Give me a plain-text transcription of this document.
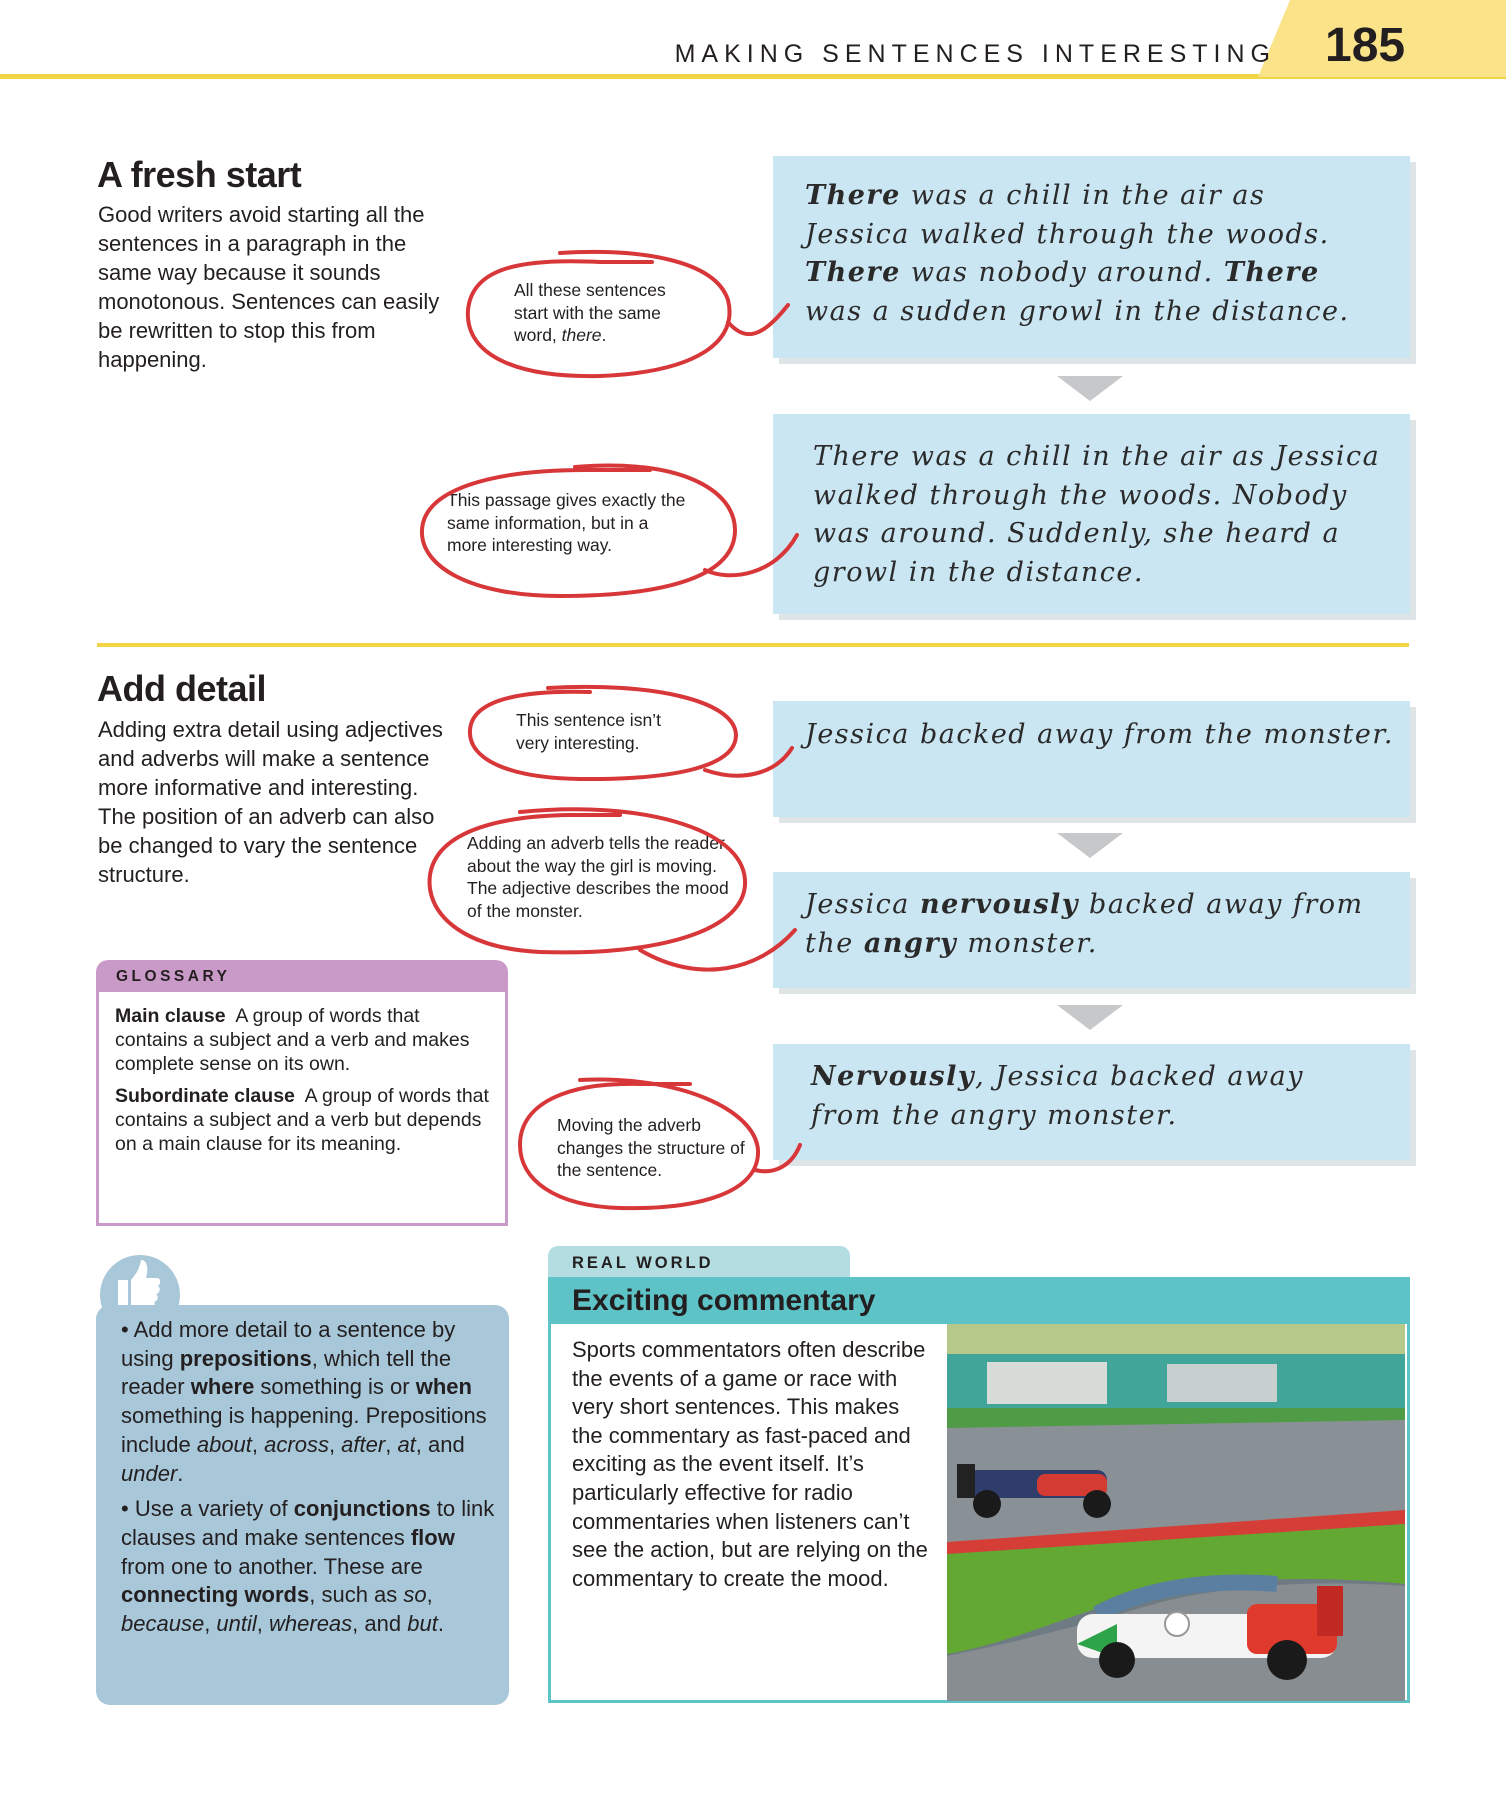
MAKING SENTENCES INTERESTING 185
A fresh start

Good writers avoid starting all the sentences in a paragraph in the same way because it sounds monotonous. Sentences can easily be rewritten to stop this from happening.

All these sentences start with the same word, there.
This passage gives exactly the same information, but in a more interesting way.
There was a chill in the air as Jessica walked through the woods. There was nobody around. There was a sudden growl in the distance.
There was a chill in the air as Jessica walked through the woods. Nobody was around. Suddenly, she heard a growl in the distance.
Add detail

Adding extra detail using adjectives and adverbs will make a sentence more informative and interesting. The position of an adverb can also be changed to vary the sentence structure.

This sentence isn’t very interesting.
Adding an adverb tells the reader about the way the girl is moving. The adjective describes the mood of the monster.
Moving the adverb changes the structure of the sentence.
Jessica backed away from the monster.
Jessica nervously backed away from the angry monster.
Nervously, Jessica backed away from the angry monster.
GLOSSARY

Main clause A group of words that contains a subject and a verb and makes complete sense on its own.

Subordinate clause A group of words that contains a subject and a verb but depends on a main clause for its meaning.

• Add more detail to a sentence by using prepositions, which tell the reader where something is or when something is happening. Prepositions include about, across, after, at, and under.

• Use a variety of conjunctions to link clauses and make sentences flow from one to another. These are connecting words, such as so, because, until, whereas, and but.

REAL WORLD
Exciting commentary

Sports commentators often describe the events of a game or race with very short sentences. This makes the commentary as fast-paced and exciting as the event itself. It’s particularly effective for radio commentaries when listeners can’t see the action, but are relying on the commentary to create the mood.
